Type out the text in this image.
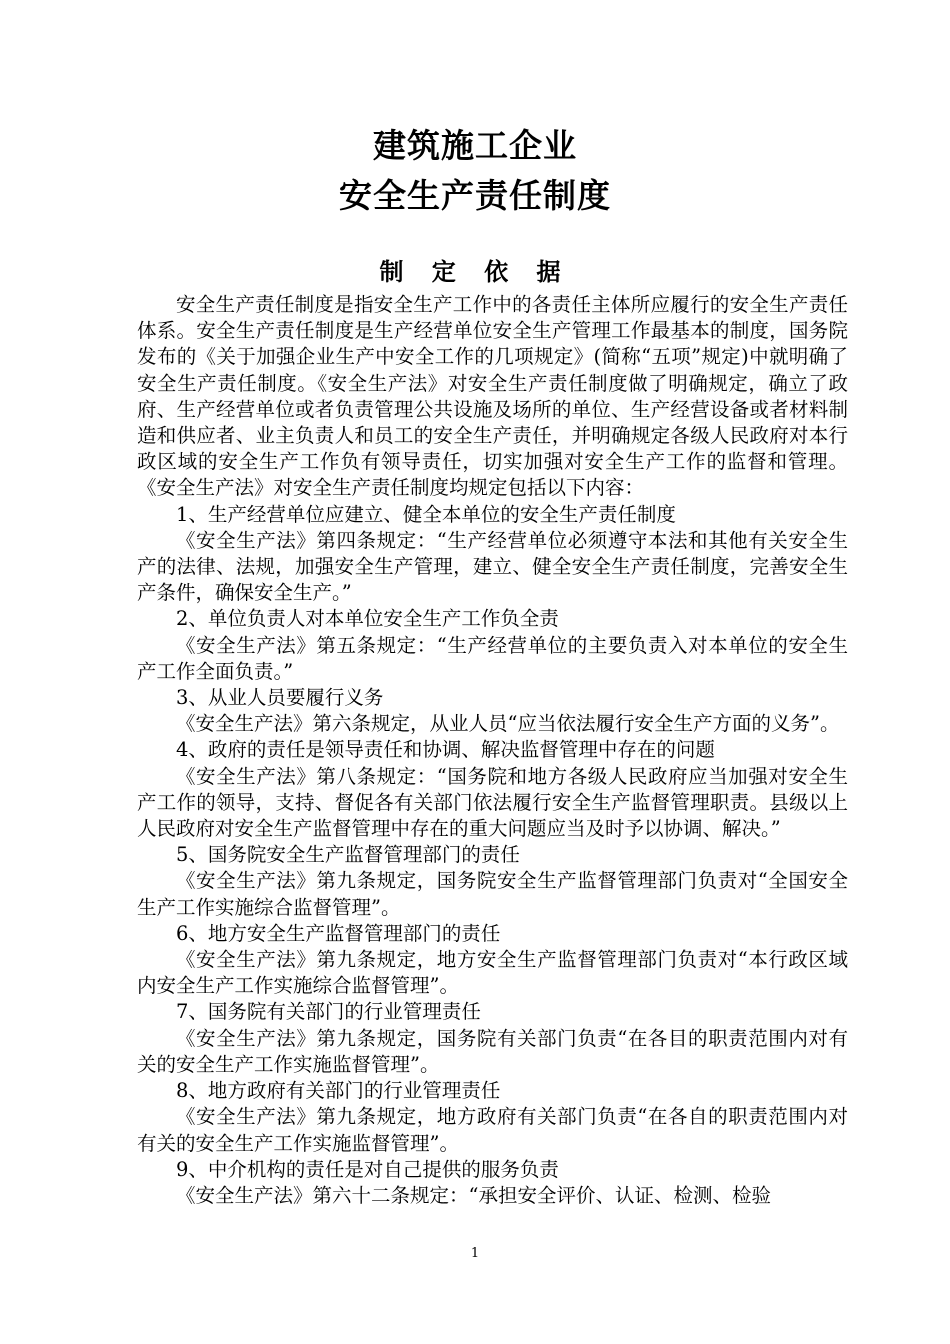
建筑施工企业
安全生产责任制度
制 定 依 据

安全生产责任制度是指安全生产工作中的各责任主体所应履行的安全生产责任体系。安全生产责任制度是生产经营单位安全生产管理工作最基本的制度，国务院发布的《关于加强企业生产中安全工作的几项规定》(简称“五项”规定)中就明确了安全生产责任制度。《安全生产法》对安全生产责任制度做了明确规定，确立了政府、生产经营单位或者负责管理公共设施及场所的单位、生产经营设备或者材料制造和供应者、业主负责人和员工的安全生产责任，并明确规定各级人民政府对本行政区域的安全生产工作负有领导责任，切实加强对安全生产工作的监督和管理。《安全生产法》对安全生产责任制度均规定包括以下内容：

1、生产经营单位应建立、健全本单位的安全生产责任制度

《安全生产法》第四条规定：“生产经营单位必须遵守本法和其他有关安全生产的法律、法规，加强安全生产管理，建立、健全安全生产责任制度，完善安全生产条件，确保安全生产。”

2、单位负责人对本单位安全生产工作负全责

《安全生产法》第五条规定：“生产经营单位的主要负责入对本单位的安全生产工作全面负责。”

3、从业人员要履行义务

《安全生产法》第六条规定，从业人员“应当依法履行安全生产方面的义务”。

4、政府的责任是领导责任和协调、解决监督管理中存在的问题

《安全生产法》第八条规定：“国务院和地方各级人民政府应当加强对安全生产工作的领导，支持、督促各有关部门依法履行安全生产监督管理职责。县级以上人民政府对安全生产监督管理中存在的重大问题应当及时予以协调、解决。”

5、国务院安全生产监督管理部门的责任

《安全生产法》第九条规定，国务院安全生产监督管理部门负责对“全国安全生产工作实施综合监督管理”。

6、地方安全生产监督管理部门的责任

《安全生产法》第九条规定，地方安全生产监督管理部门负责对“本行政区域内安全生产工作实施综合监督管理”。

7、国务院有关部门的行业管理责任

《安全生产法》第九条规定，国务院有关部门负责“在各目的职责范围内对有关的安全生产工作实施监督管理”。

8、地方政府有关部门的行业管理责任

《安全生产法》第九条规定，地方政府有关部门负责“在各自的职责范围内对有关的安全生产工作实施监督管理”。

9、中介机构的责任是对自己提供的服务负责

《安全生产法》第六十二条规定：“承担安全评价、认证、检测、检验

1
